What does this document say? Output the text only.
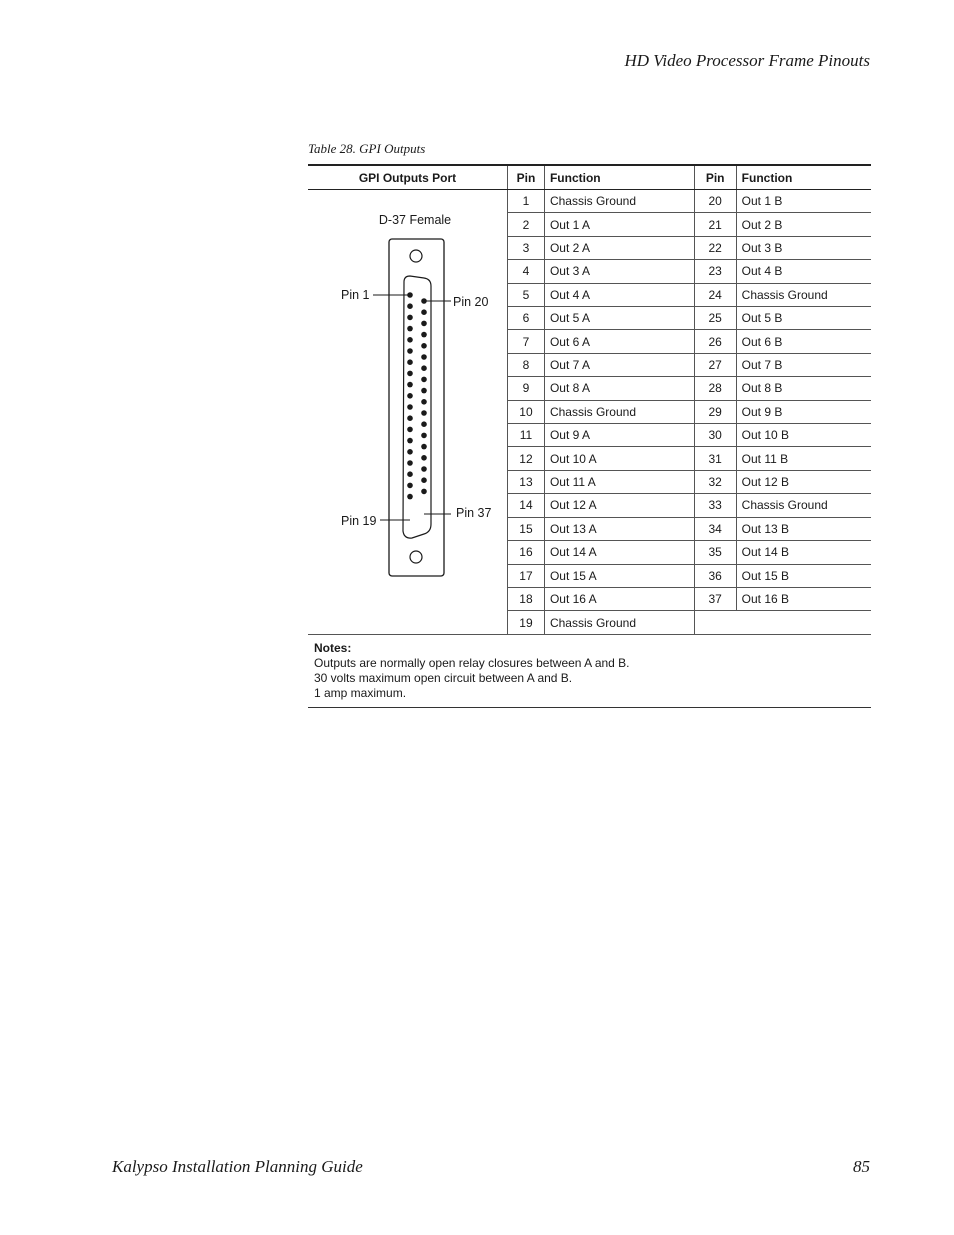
HD Video Processor Frame Pinouts
Table 28. GPI Outputs
GPI Outputs Port	Pin	Function	Pin	Function

D-37 Female
Pin 1 Pin 20
Pin 19
Pin 37	1	Chassis Ground	20	Out 1 B
	2	Out 1 A	21	Out 2 B
	3	Out 2 A	22	Out 3 B
	4	Out 3 A	23	Out 4 B
	5	Out 4 A	24	Chassis Ground
	6	Out 5 A	25	Out 5 B
	7	Out 6 A	26	Out 6 B
	8	Out 7 A	27	Out 7 B
	9	Out 8 A	28	Out 8 B
	10	Chassis Ground	29	Out 9 B
	11	Out 9 A	30	Out 10 B
	12	Out 10 A	31	Out 11 B
	13	Out 11 A	32	Out 12 B
	14	Out 12 A	33	Chassis Ground
	15	Out 13 A	34	Out 13 B
	16	Out 14 A	35	Out 14 B
	17	Out 15 A	36	Out 15 B
	18	Out 16 A	37	Out 16 B
	19	Chassis Ground		

Notes:
Outputs are normally open relay closures between A and B.
30 volts maximum open circuit between A and B.
1 amp maximum.				
Kalypso Installation Planning Guide	85
